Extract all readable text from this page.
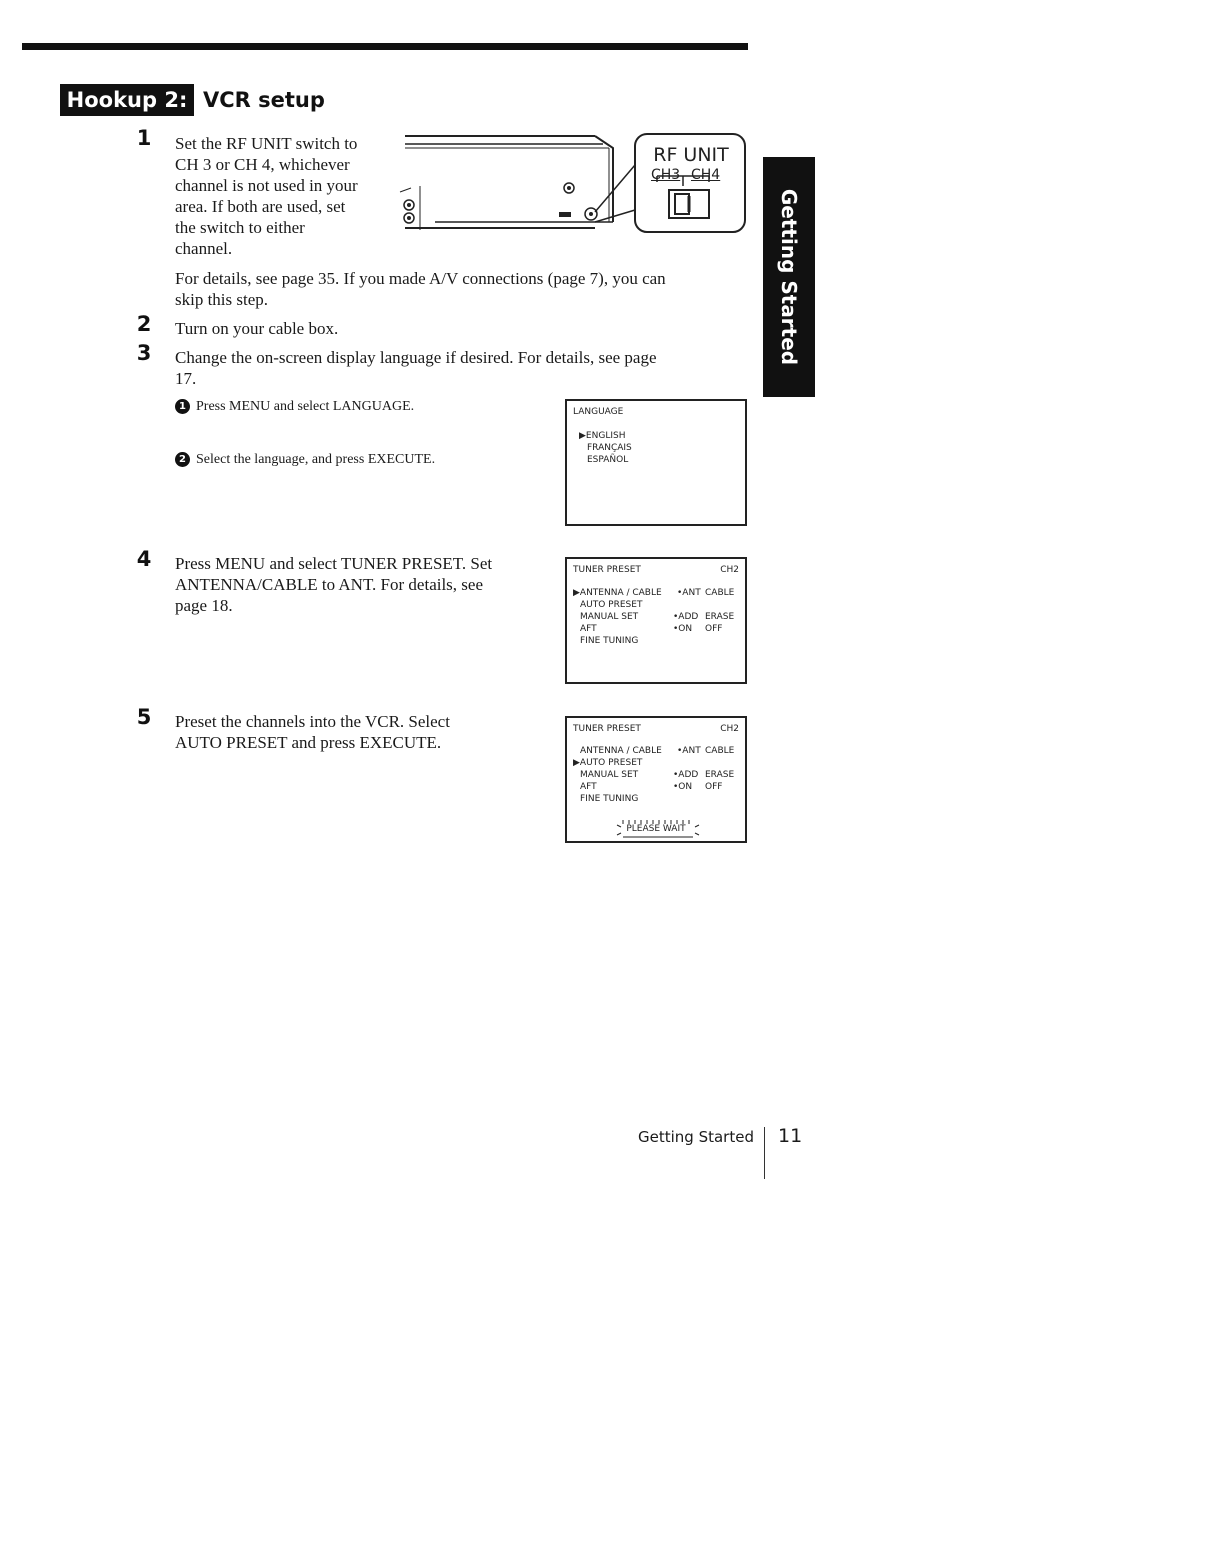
Hookup 2: VCR setup
Getting Started
1 Set the RF UNIT switch to
CH 3 or CH 4, whichever
channel is not used in your
area. If both are used, set
the switch to either
channel.
RF UNIT
CH3 CH4
For details, see page 35. If you made A/V connections (page 7), you can
skip this step.
2 Turn on your cable box.
3 Change the on-screen display language if desired. For details, see page
17.
1 Press MENU and select LANGUAGE.
2 Select the language, and press EXECUTE.
LANGUAGE
▶ENGLISH
FRANÇAIS
ESPAÑOL
4 Press MENU and select TUNER PRESET. Set
ANTENNA/CABLE to ANT. For details, see
page 18.
TUNER PRESET	CH2
▶ANTENNA / CABLE •ANT CABLE
AUTO PRESET
MANUAL SET	•ADD ERASE
AFT	•ON OFF
FINE TUNING
5 Preset the channels into the VCR. Select
AUTO PRESET and press EXECUTE.
TUNER PRESET	CH2
ANTENNA / CABLE •ANT CABLE
▶AUTO PRESET
MANUAL SET	•ADD ERASE
AFT	•ON OFF
FINE TUNING
PLEASE WAIT
Getting Started 11
